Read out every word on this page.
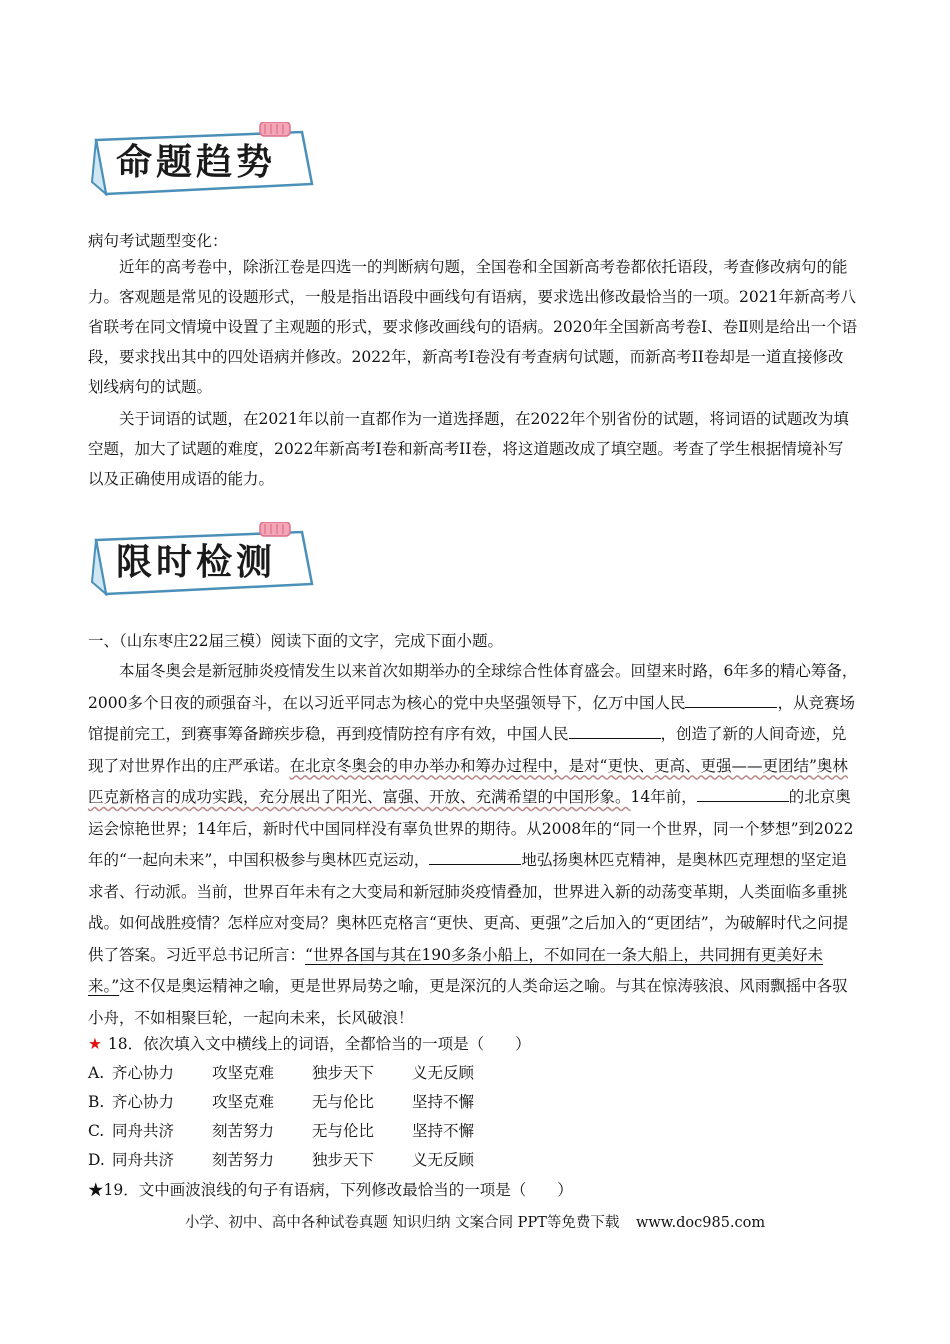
命题趋势
病句考试题型变化：
近年的高考卷中，除浙江卷是四选一的判断病句题，全国卷和全国新高考卷都依托语段，考查修改病句的能力。客观题是常见的设题形式，一般是指出语段中画线句有语病，要求选出修改最恰当的一项。2021年新高考八省联考在同文情境中设置了主观题的形式，要求修改画线句的语病。2020年全国新高考卷Ⅰ、卷Ⅱ则是给出一个语段，要求找出其中的四处语病并修改。2022年，新高考I卷没有考查病句试题，而新高考II卷却是一道直接修改划线病句的试题。
关于词语的试题，在2021年以前一直都作为一道选择题，在2022年个别省份的试题，将词语的试题改为填空题，加大了试题的难度，2022年新高考I卷和新高考II卷，将这道题改成了填空题。考查了学生根据情境补写以及正确使用成语的能力。
限时检测
一、（山东枣庄22届三模）阅读下面的文字，完成下面小题。
本届冬奥会是新冠肺炎疫情发生以来首次如期举办的全球综合性体育盛会。回望来时路，6年多的精心筹备，2000多个日夜的顽强奋斗，在以习近平同志为核心的党中央坚强领导下，亿万中国人民	，从竞赛场馆提前完工，到赛事筹备蹄疾步稳，再到疫情防控有序有效，中国人民	，创造了新的人间奇迹，兑现了对世界作出的庄严承诺。在北京冬奥会的申办举办和筹办过程中，是对“更快、更高、更强——更团结”奥林匹克新格言的成功实践，充分展出了阳光、富强、开放、充满希望的中国形象。14年前，	的北京奥运会惊艳世界；14年后，新时代中国同样没有辜负世界的期待。从2008年的“同一个世界，同一个梦想”到2022年的“一起向未来”，中国积极参与奥林匹克运动，	地弘扬奥林匹克精神，是奥林匹克理想的坚定追求者、行动派。当前，世界百年未有之大变局和新冠肺炎疫情叠加，世界进入新的动荡变革期，人类面临多重挑战。如何战胜疫情？怎样应对变局？奥林匹克格言“更快、更高、更强”之后加入的“更团结”，为破解时代之问提供了答案。习近平总书记所言：“世界各国与其在190多条小船上，不如同在一条大船上，共同拥有更美好未来。”这不仅是奥运精神之喻，更是世界局势之喻，更是深沉的人类命运之喻。与其在惊涛骇浪、风雨飘摇中各驭小舟，不如相聚巨轮，一起向未来，长风破浪！
★ 18．依次填入文中横线上的词语，全都恰当的一项是（　　）
A. 齐心协力 攻坚克难 独步天下 义无反顾
B. 齐心协力 攻坚克难 无与伦比 坚持不懈
C. 同舟共济 刻苦努力 无与伦比 坚持不懈
D. 同舟共济 刻苦努力 独步天下 义无反顾
★19．文中画波浪线的句子有语病，下列修改最恰当的一项是（　　）
小学、初中、高中各种试卷真题 知识归纳 文案合同 PPT等免费下载 www.doc985.com
